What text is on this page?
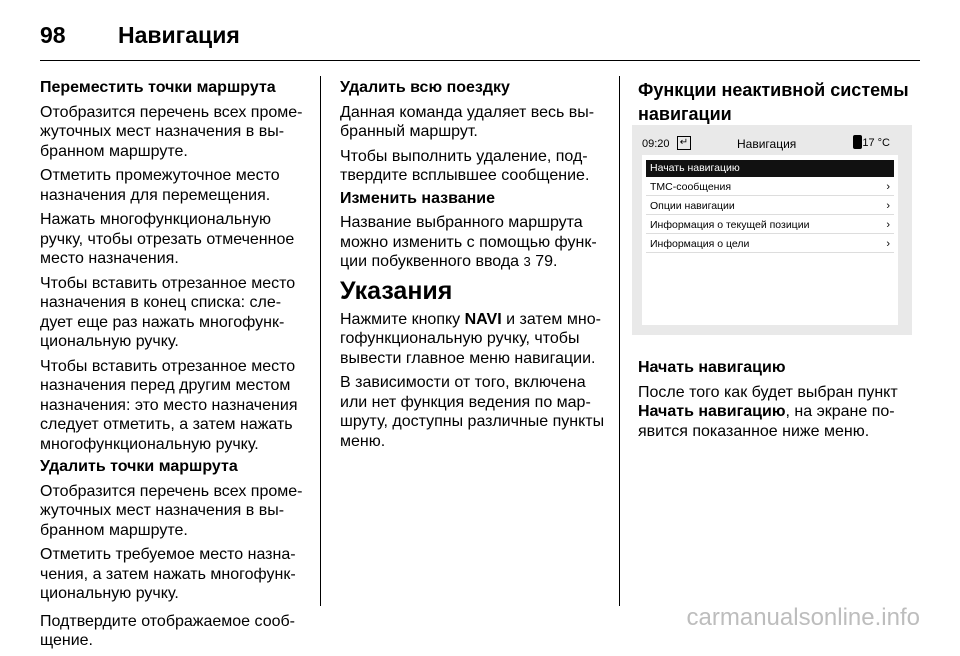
98 Навигация

Переместить точки маршрута

Отобразится перечень всех проме-жуточных мест назначения в вы-бранном маршруте.

Отметить промежуточное место назначения для перемещения.

Нажать многофункциональную ручку, чтобы отрезать отмеченное место назначения.

Чтобы вставить отрезанное место назначения в конец списка: сле-дует еще раз нажать многофунк-циональную ручку.

Чтобы вставить отрезанное место назначения перед другим местом назначения: это место назначения следует отметить, а затем нажать многофункциональную ручку.

Удалить точки маршрута

Отобразится перечень всех проме-жуточных мест назначения в вы-бранном маршруте.

Отметить требуемое место назна-чения, а затем нажать многофунк-циональную ручку.

Подтвердите отображаемое сооб-щение.

Удалить всю поездку

Данная команда удаляет весь вы-бранный маршрут.

Чтобы выполнить удаление, под-твердите всплывшее сообщение.

Изменить название

Название выбранного маршрута можно изменить с помощью функ-ции побуквенного ввода 3 79.

Указания

Нажмите кнопку NAVI и затем мно-гофункциональную ручку, чтобы вывести главное меню навигации.

В зависимости от того, включена или нет функция ведения по мар-шруту, доступны различные пункты меню.

Функции неактивной системы навигации

09:20 ↵	Навигация	17 °C
Начать навигацию
TMC-сообщения	›
Опции навигации	›
Информация о текущей позиции	›
Информация о цели	›

Начать навигацию

После того как будет выбран пункт Начать навигацию, на экране по-явится показанное ниже меню.

carmanualsonline.info
